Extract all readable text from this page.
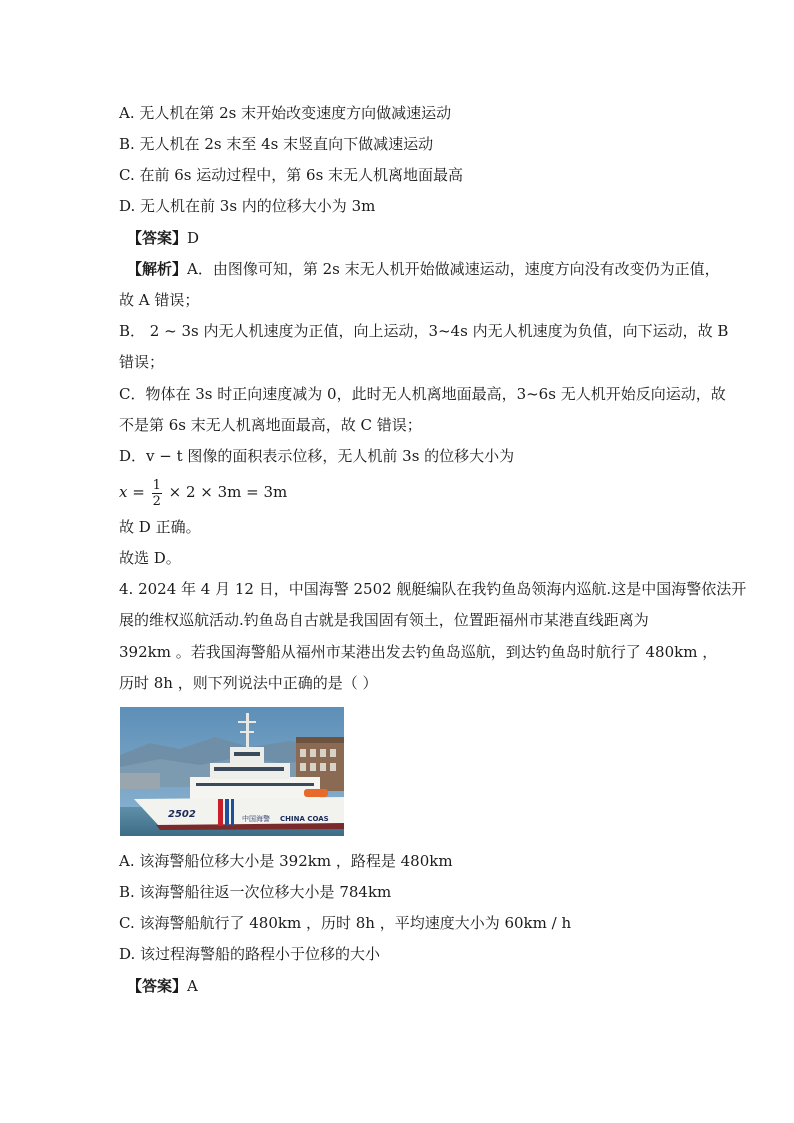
A. 无人机在第 2s 末开始改变速度方向做减速运动
B. 无人机在 2s 末至 4s 末竖直向下做减速运动
C. 在前 6s 运动过程中，第 6s 末无人机离地面最高
D. 无人机在前 3s 内的位移大小为 3m
【答案】D
【解析】A．由图像可知，第 2s 末无人机开始做减速运动，速度方向没有改变仍为正值，
故 A 错误；
B． 2 ~ 3s 内无人机速度为正值，向上运动，3~4s 内无人机速度为负值，向下运动，故 B
错误；
C．物体在 3s 时正向速度减为 0，此时无人机离地面最高，3~6s 无人机开始反向运动，故
不是第 6s 末无人机离地面最高，故 C 错误；
D．v − t 图像的面积表示位移，无人机前 3s 的位移大小为
$x = \frac{1}{2} \times 2 \times 3m = 3m$
故 D 正确。
故选 D。
4. 2024 年 4 月 12 日，中国海警 2502 舰艇编队在我钓鱼岛领海内巡航.这是中国海警依法开
展的维权巡航活动.钓鱼岛自古就是我国固有领土，位置距福州市某港直线距离为
392km 。若我国海警船从福州市某港出发去钓鱼岛巡航，到达钓鱼岛时航行了 480km ，
历时 8h ，则下列说法中正确的是（ ）
2502	中国海警 CHINA COAS
A. 该海警船位移大小是 392km ，路程是 480km
B. 该海警船往返一次位移大小是 784km
C. 该海警船航行了 480km ，历时 8h ，平均速度大小为 60km / h
D. 该过程海警船的路程小于位移的大小
【答案】A
